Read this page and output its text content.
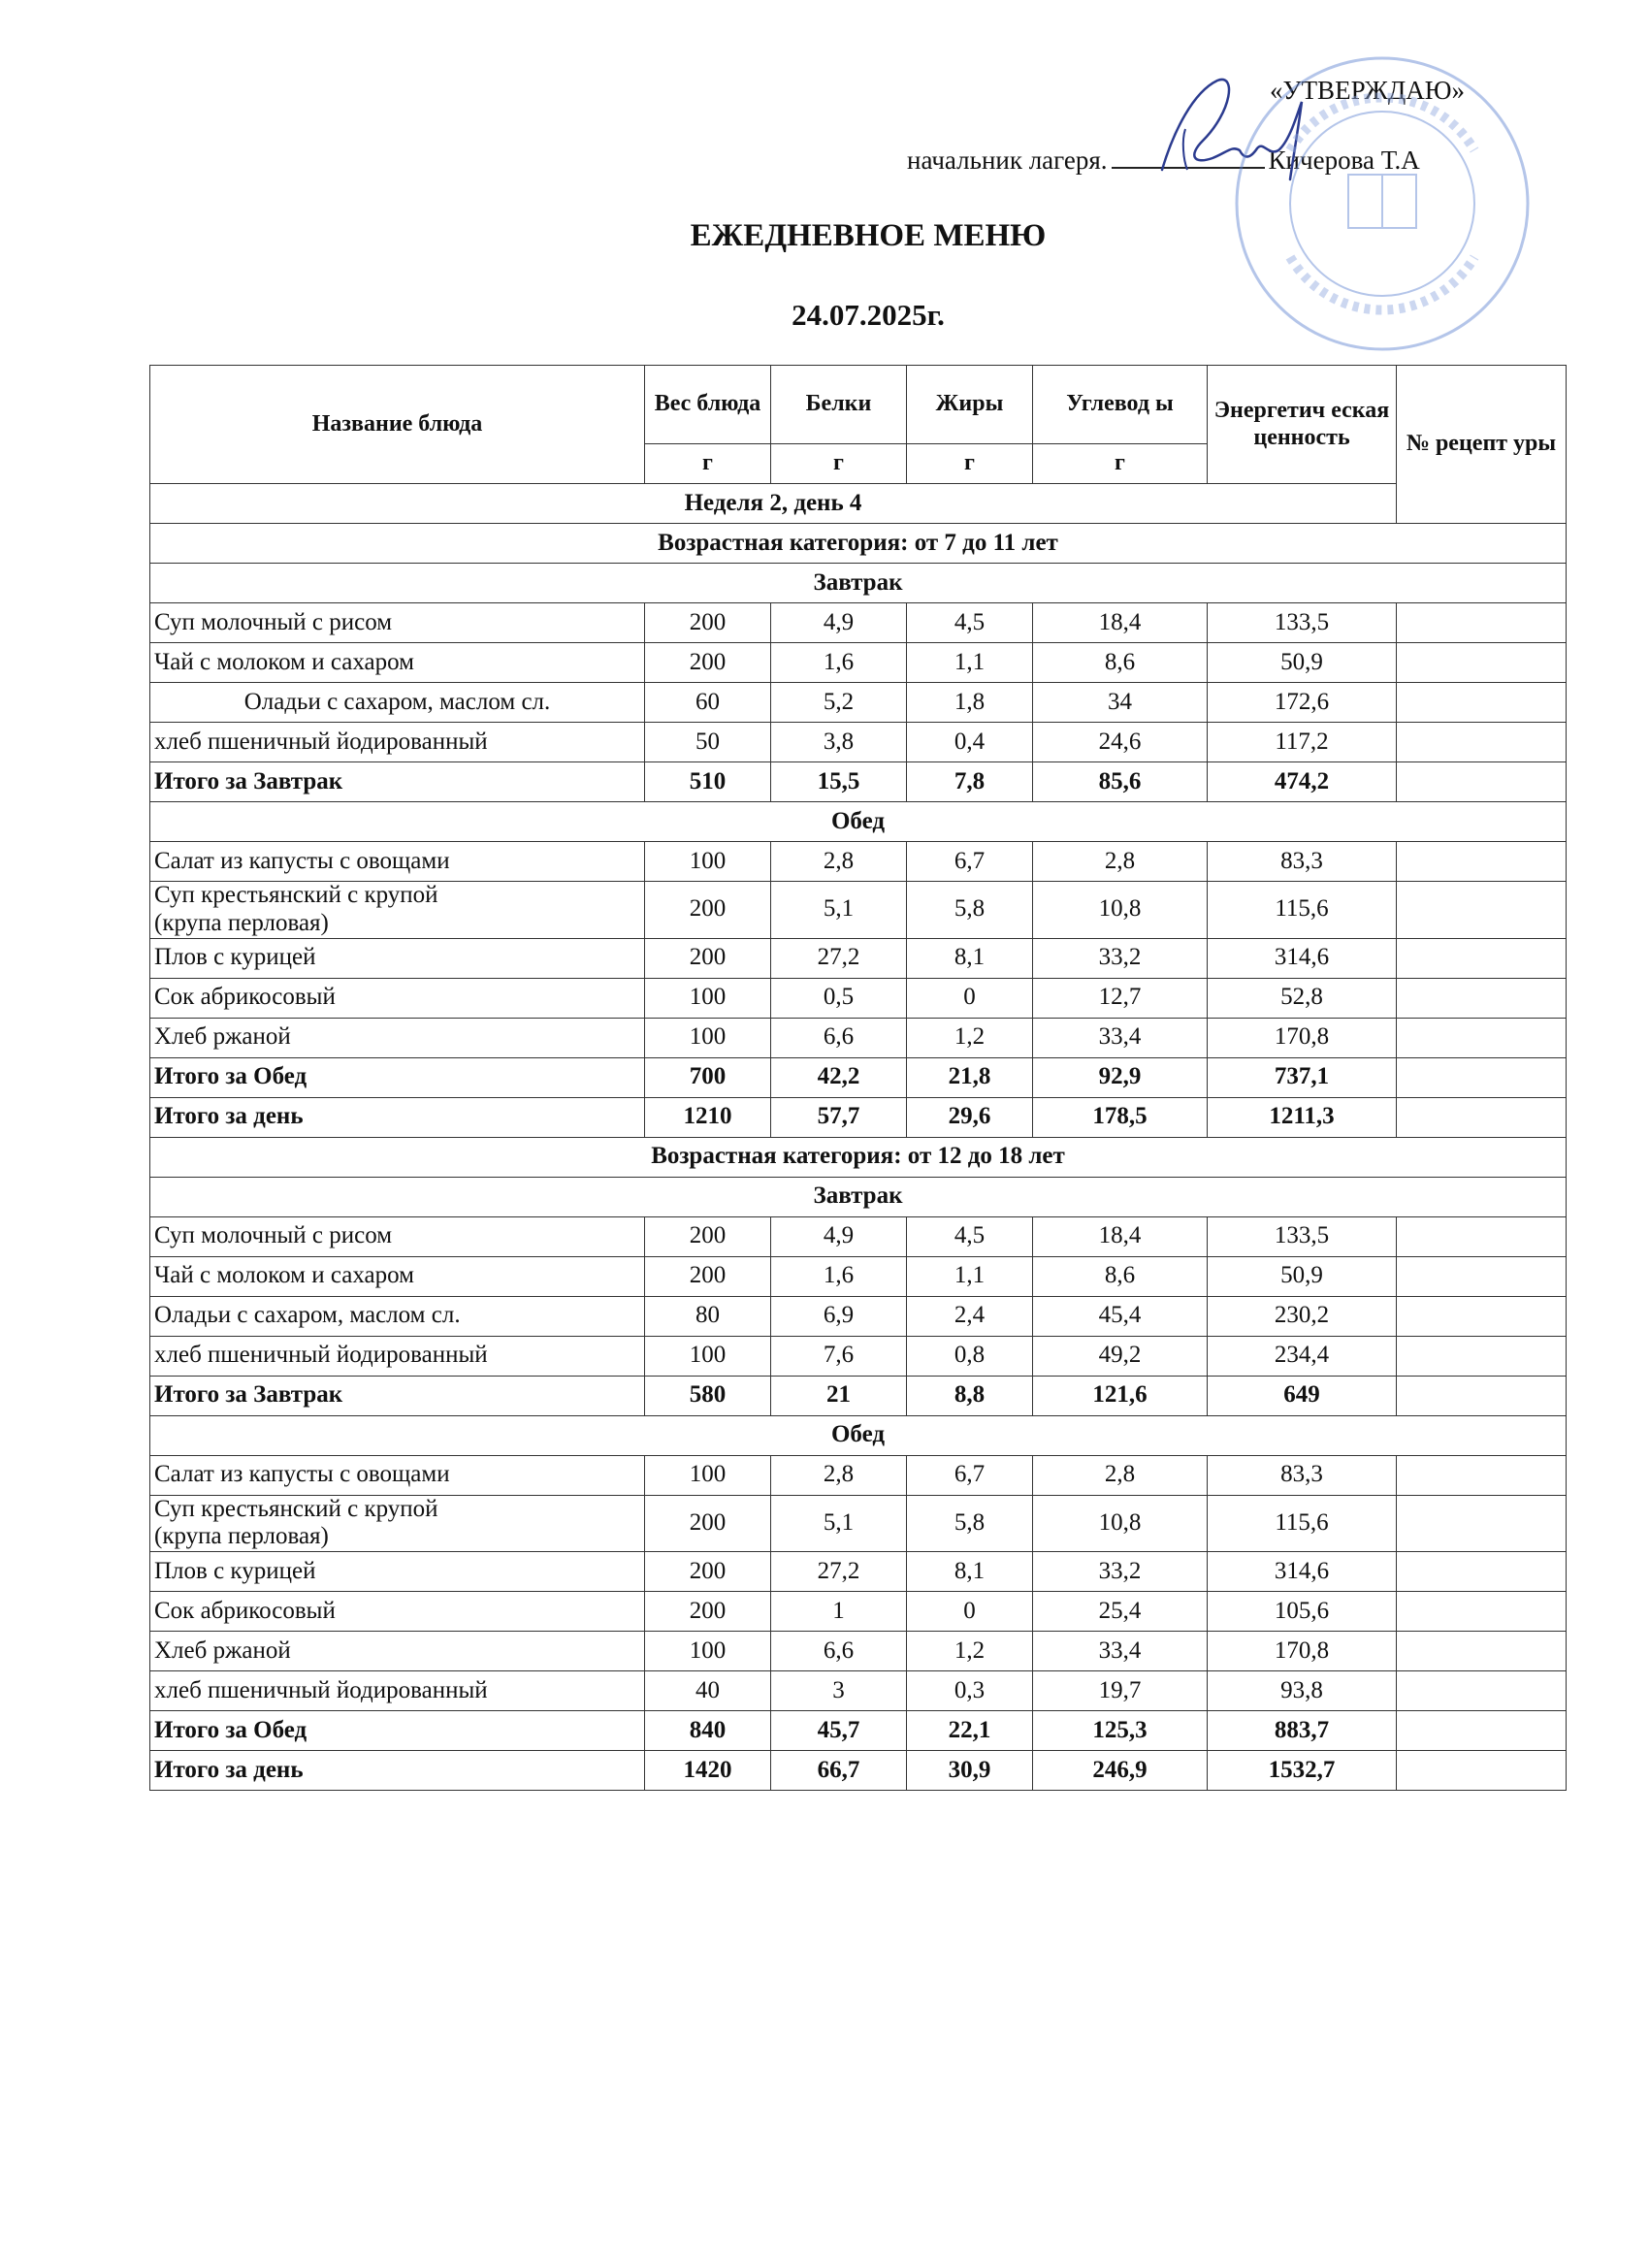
«УТВЕРЖДАЮ»
начальник лагеря.	Кичерова Т.А
ЕЖЕДНЕВНОЕ МЕНЮ
24.07.2025г.
Название блюда	Вес блюда	Белки	Жиры	Углевод ы	Энергетич еская ценность	№ рецепт уры
	г	г	г	г		
Неделя 2, день 4						
Возрастная категория: от 7 до 11 лет						
Завтрак						
Суп молочный с рисом	200	4,9	4,5	18,4	133,5	
Чай с молоком и сахаром	200	1,6	1,1	8,6	50,9	
Оладьи с сахаром, маслом сл.	60	5,2	1,8	34	172,6	
хлеб пшеничный йодированный	50	3,8	0,4	24,6	117,2	
Итого за Завтрак	510	15,5	7,8	85,6	474,2	
Обед						
Салат из капусты с овощами	100	2,8	6,7	2,8	83,3	
Суп крестьянский с крупой
(крупа перловая)	200	5,1	5,8	10,8	115,6	
Плов с курицей	200	27,2	8,1	33,2	314,6	
Сок абрикосовый	100	0,5	0	12,7	52,8	
Хлеб ржаной	100	6,6	1,2	33,4	170,8	
Итого за Обед	700	42,2	21,8	92,9	737,1	
Итого за день	1210	57,7	29,6	178,5	1211,3	
Возрастная категория: от 12 до 18 лет						
Завтрак						
Суп молочный с рисом	200	4,9	4,5	18,4	133,5	
Чай с молоком и сахаром	200	1,6	1,1	8,6	50,9	
Оладьи с сахаром, маслом сл.	80	6,9	2,4	45,4	230,2	
хлеб пшеничный йодированный	100	7,6	0,8	49,2	234,4	
Итого за Завтрак	580	21	8,8	121,6	649	
Обед						
Салат из капусты с овощами	100	2,8	6,7	2,8	83,3	
Суп крестьянский с крупой
(крупа перловая)	200	5,1	5,8	10,8	115,6	
Плов с курицей	200	27,2	8,1	33,2	314,6	
Сок абрикосовый	200	1	0	25,4	105,6	
Хлеб ржаной	100	6,6	1,2	33,4	170,8	
хлеб пшеничный йодированный	40	3	0,3	19,7	93,8	
Итого за Обед	840	45,7	22,1	125,3	883,7	
Итого за день	1420	66,7	30,9	246,9	1532,7	
